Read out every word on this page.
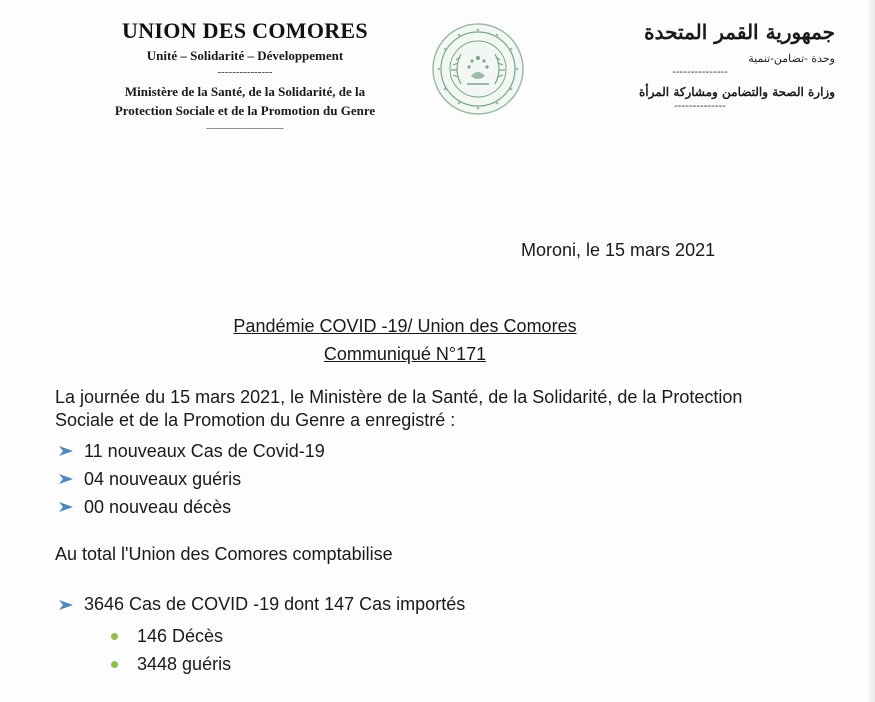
UNION DES COMORES
Unité – Solidarité – Développement
---------------
Ministère de la Santé, de la Solidarité, de la
Protection Sociale et de la Promotion du Genre
———————
جمهورية القمر المتحدة
وحدة -تضامن-تنمية
---------------
وزارة الصحة والتضامن ومشاركة المرأة
--------------
Moroni, le 15 mars 2021
Pandémie COVID -19/ Union des Comores
Communiqué N°171
La journée du 15 mars 2021, le Ministère de la Santé, de la Solidarité, de la Protection Sociale et de la Promotion du Genre a enregistré :
11 nouveaux Cas de Covid-19
04 nouveaux guéris
00 nouveau décès
Au total l'Union des Comores comptabilise
3646 Cas de COVID -19 dont 147 Cas importés
146 Décès
3448 guéris
